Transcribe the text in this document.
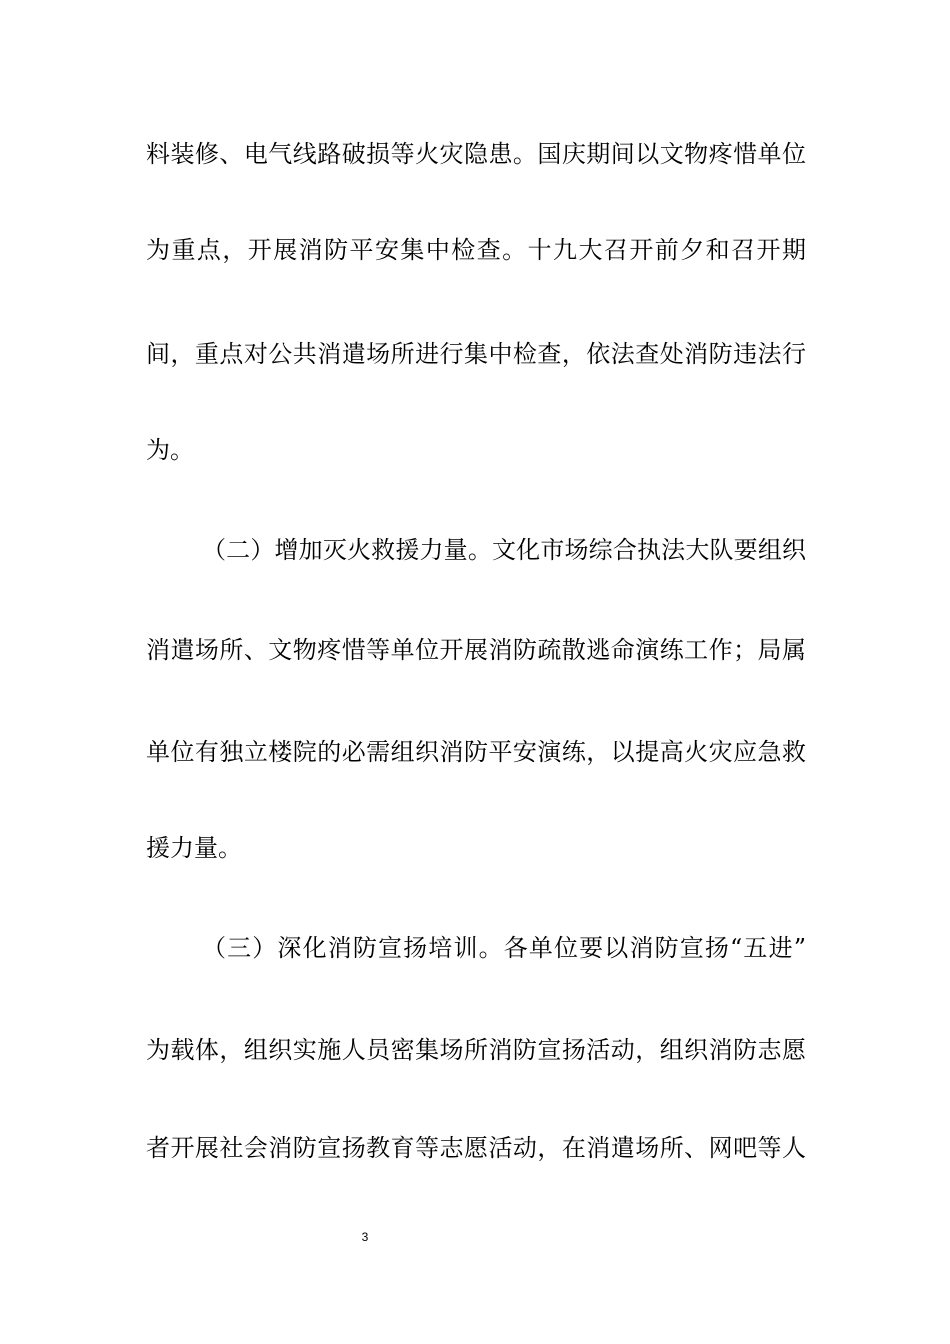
料装修、电气线路破损等火灾隐患。国庆期间以文物疼惜单位
为重点，开展消防平安集中检查。十九大召开前夕和召开期
间，重点对公共消遣场所进行集中检查，依法查处消防违法行
为。
（二）增加灭火救援力量。文化市场综合执法大队要组织
消遣场所、文物疼惜等单位开展消防疏散逃命演练工作；局属
单位有独立楼院的必需组织消防平安演练，以提高火灾应急救
援力量。
（三）深化消防宣扬培训。各单位要以消防宣扬“五进”
为载体，组织实施人员密集场所消防宣扬活动，组织消防志愿
者开展社会消防宣扬教育等志愿活动，在消遣场所、网吧等人
3
